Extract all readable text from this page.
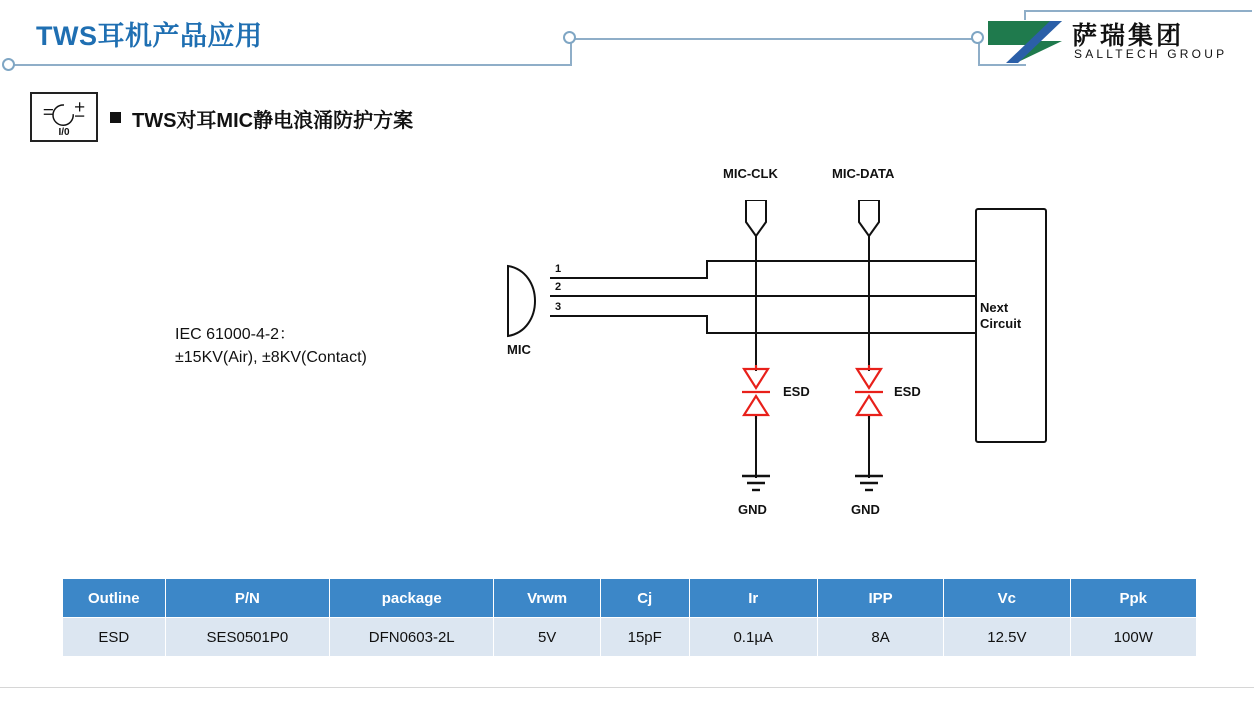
TWS耳机产品应用	萨瑞集团
SALLTECH GROUP
I/0
TWS对耳MIC静电浪涌防护方案
IEC 61000-4-2：
±15KV(Air), ±8KV(Contact)	MIC
1
2
3
MIC-CLK	MIC-DATA
ESD	ESD
GND	GND
Next
Circuit
Outline	P/N	package	Vrwm	Cj	Ir	IPP	Vc	Ppk
ESD	SES0501P0	DFN0603-2L	5V	15pF	0.1µA	8A	12.5V	100W
